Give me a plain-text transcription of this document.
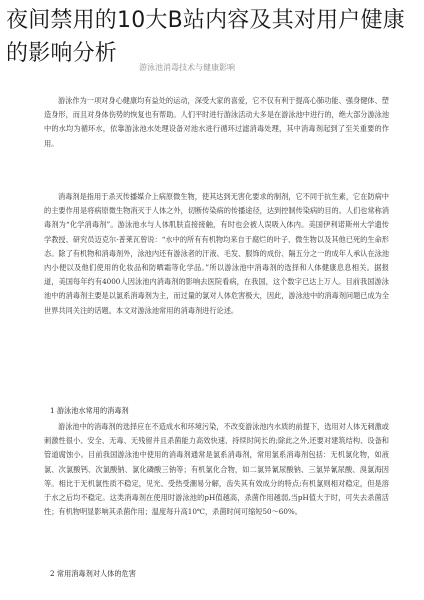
夜间禁用的10大B站内容及其对用户健康的影响分析
游泳池消毒技术与健康影响
游泳作为一项对身心健康均有益处的运动，深受大家的喜爱，它不仅有利于提高心肺功能、强身健体、塑造身形，而且对身体伤势的恢复也有帮助。人们平时进行游泳活动大多是在游泳池中进行的，绝大部分游泳池中的水均为循环水，依靠游泳池水处理设备对池水进行循环过滤消毒处理，其中消毒剂起到了至关重要的作用。
消毒剂是指用于杀灭传播媒介上病原微生物，使其达到无害化要求的制剂，它不同于抗生素，它在防病中的主要作用是将病原微生物消灭于人体之外，切断传染病的传播途径，达到控制传染病的目的。人们也常称消毒剂为“化学消毒剂”。游泳池水与人体肌肤直接接触，有时也会被人误吸入体内。美国伊利诺斯州大学遗传学教授、研究员迈克尔·普莱瓦曾说：“水中的所有有机物均来自于腐烂的叶子、微生物以及其他已死的生命形态。除了有机物和消毒剂外，泳池内还有游泳者的汗液、毛发、服饰的成份、隔五分之一的成年人承认在泳池内小便以及他们使用的化妆品和防晒霜等化学品。”所以游泳池中消毒剂的选择和人体健康息息相关。据报道，美国每年约有4000人因泳池内消毒剂的影响去医院看病，在我国，这个数字已达上万人。目前我国游泳池中的消毒剂主要是以氯系消毒剂为主，而过量的氯对人体危害极大，因此，游泳池中的消毒剂问题已成为全世界共同关注的话题。本文对游泳池常用的消毒剂进行论述。
1 游泳池水常用的消毒剂
游泳池中的消毒剂的选择应在不造成水和环境污染，不改变游泳池内水质的前提下，选用对人体无刺激或刺激性很小、安全、无毒、无残留并且杀菌能力高效快速、持续时间长的;除此之外,还要对建筑结构、设备和管道腐蚀小。目前我国游泳池中使用的消毒剂通常是氯系消毒剂，常用氯系消毒剂包括：无机氯化物，如液氯、次氯酸钙、次氯酸钠、氯化磷酸三钠等；有机氯化合物，如二氯异氰尿酸钠、三氯异氰尿酸、溴氯海因等。相比于无机氯性质不稳定，见光、受热受潮易分解，齿失其有效成分的特点;有机氯则相对稳定，但是溶于水之后均不稳定。这类消毒剂在使用时游泳池的pH值越高，杀菌作用越弱,当pH值大于时，可失去杀菌活性；有机物明显影响其杀菌作用；温度每升高10℃，杀菌时间可缩短50～60%。
2 常用消毒剂对人体的危害
